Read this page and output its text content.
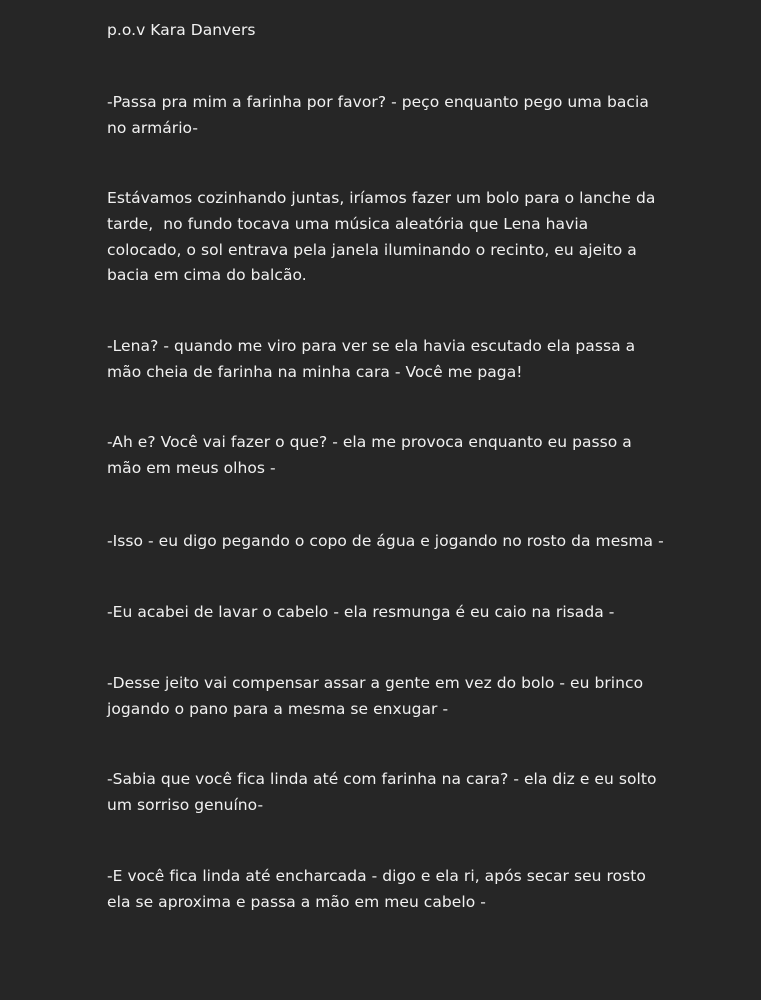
p.o.v Kara Danvers

-Passa pra mim a farinha por favor? - peço enquanto pego uma bacia
no armário-

Estávamos cozinhando juntas, iríamos fazer um bolo para o lanche da
tarde,  no fundo tocava uma música aleatória que Lena havia
colocado, o sol entrava pela janela iluminando o recinto, eu ajeito a
bacia em cima do balcão.

-Lena? - quando me viro para ver se ela havia escutado ela passa a
mão cheia de farinha na minha cara - Você me paga!

-Ah e? Você vai fazer o que? - ela me provoca enquanto eu passo a
mão em meus olhos -

-Isso - eu digo pegando o copo de água e jogando no rosto da mesma -

-Eu acabei de lavar o cabelo - ela resmunga é eu caio na risada -

-Desse jeito vai compensar assar a gente em vez do bolo - eu brinco
jogando o pano para a mesma se enxugar -

-Sabia que você fica linda até com farinha na cara? - ela diz e eu solto
um sorriso genuíno-

-E você fica linda até encharcada - digo e ela ri, após secar seu rosto
ela se aproxima e passa a mão em meu cabelo -
